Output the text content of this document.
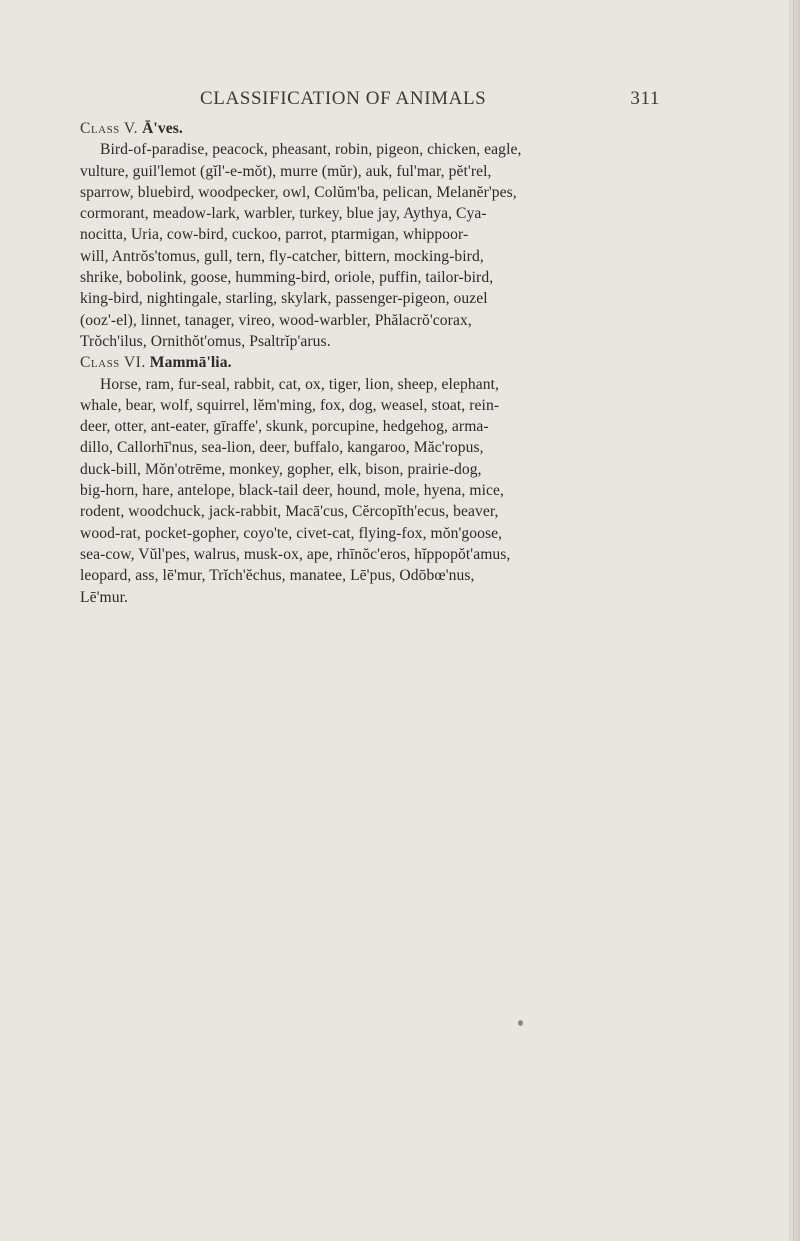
CLASSIFICATION OF ANIMALS	311
Class V. Ā'ves.
Bird-of-paradise, peacock, pheasant, robin, pigeon, chicken, eagle,
vulture, guil'lemot (gĭl'-e-mŏt), murre (mŭr), auk, ful'mar, pĕt'rel,
sparrow, bluebird, woodpecker, owl, Colŭm'ba, pelican, Melanĕr'pes,
cormorant, meadow-lark, warbler, turkey, blue jay, Aythya, Cya-
nocitta, Uria, cow-bird, cuckoo, parrot, ptarmigan, whippoor-
will, Antrŏs'tomus, gull, tern, fly-catcher, bittern, mocking-bird,
shrike, bobolink, goose, humming-bird, oriole, puffin, tailor-bird,
king-bird, nightingale, starling, skylark, passenger-pigeon, ouzel
(ooz'-el), linnet, tanager, vireo, wood-warbler, Phălacrŏ'corax,
Trŏch'ilus, Ornithŏt'omus, Psaltrĭp'arus.
Class VI. Mammā'lia.
Horse, ram, fur-seal, rabbit, cat, ox, tiger, lion, sheep, elephant,
whale, bear, wolf, squirrel, lĕm'ming, fox, dog, weasel, stoat, rein-
deer, otter, ant-eater, gīraffe', skunk, porcupine, hedgehog, arma-
dillo, Callorhī'nus, sea-lion, deer, buffalo, kangaroo, Măc'ropus,
duck-bill, Mŏn'otrēme, monkey, gopher, elk, bison, prairie-dog,
big-horn, hare, antelope, black-tail deer, hound, mole, hyena, mice,
rodent, woodchuck, jack-rabbit, Macā'cus, Cĕrcopĭth'ecus, beaver,
wood-rat, pocket-gopher, coyo'te, civet-cat, flying-fox, mŏn'goose,
sea-cow, Vŭl'pes, walrus, musk-ox, ape, rhīnŏc'eros, hĭppopŏt'amus,
leopard, ass, lē'mur, Trĭch'ĕchus, manatee, Lē'pus, Odōbœ'nus,
Lē'mur.
